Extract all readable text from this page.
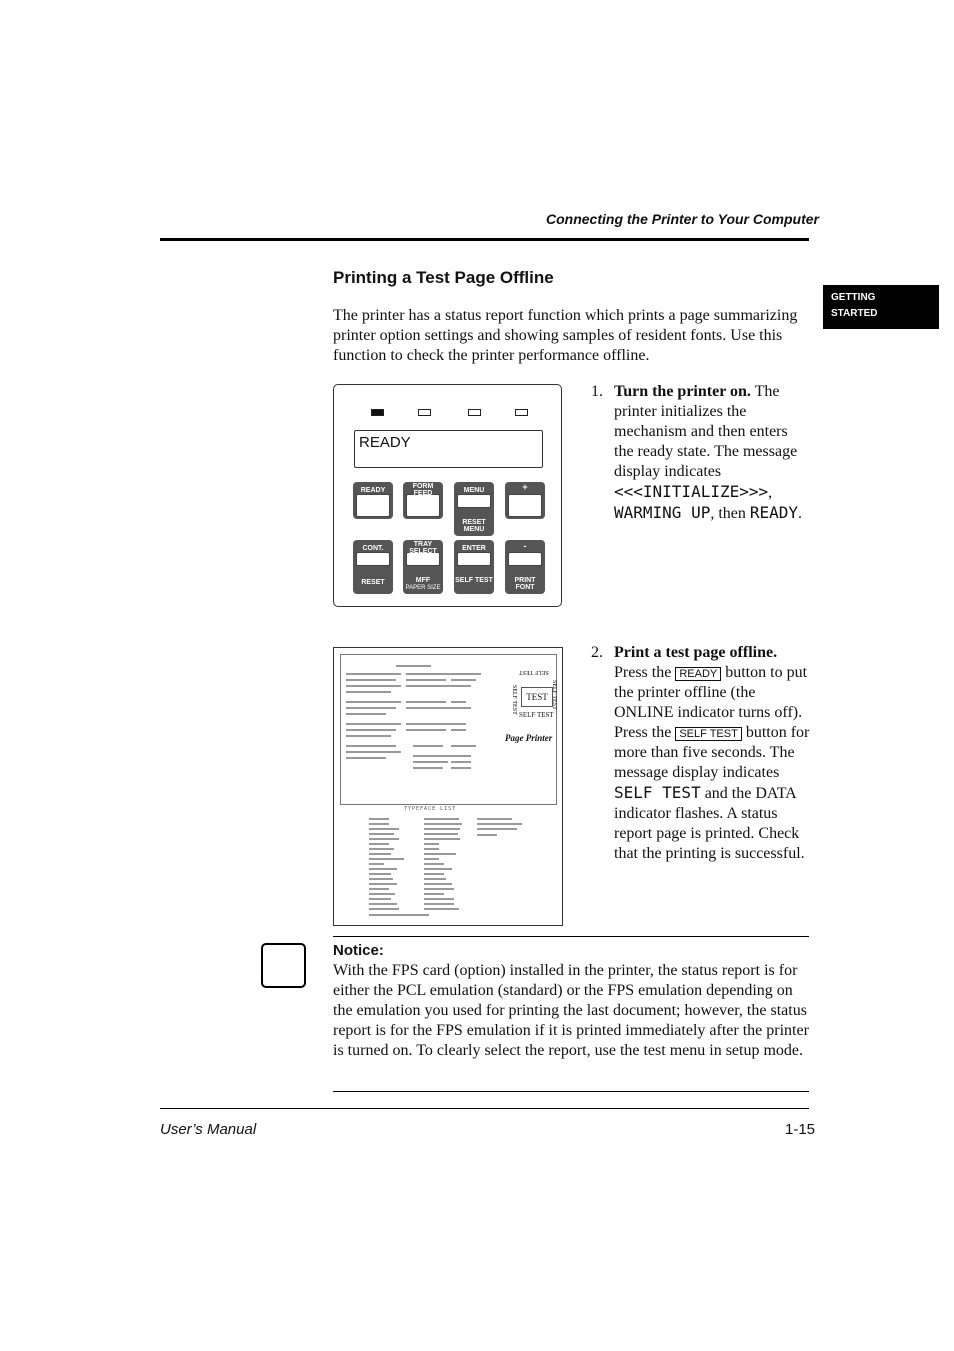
Connecting the Printer to Your Computer
GETTING
STARTED
Printing a Test Page Offline
The printer has a status report function which prints a page summarizing printer option settings and showing samples of resident fonts. Use this function to check the printer performance offline.
READY
READY
FORM FEED	MENU
RESET MENU
+
CONT.
RESET
TRAY SELECT
MFF
PAPER SIZE
ENTER
SELF TEST
-
PRINT FONT
1. Turn the printer on. The printer initializes the mechanism and then enters the ready state. The message display indicates <<<INITIALIZE>>>, WARMING UP, then READY.
SELF TEST
SELF TEST	TEST SELF TEST
SELF TEST
Page Printer
TYPEFACE LIST
2. Print a test page offline. Press the READY button to put the printer offline (the ONLINE indicator turns off). Press the SELF TEST button for more than five seconds. The message display indicates SELF TEST and the DATA indicator flashes. A status report page is printed. Check that the printing is successful.
Notice:
With the FPS card (option) installed in the printer, the status report is for either the PCL emulation (standard) or the FPS emulation depending on the emulation you used for printing the last document; however, the status report is for the FPS emulation if it is printed immediately after the printer is turned on. To clearly select the report, use the test menu in setup mode.
User’s Manual	1-15
